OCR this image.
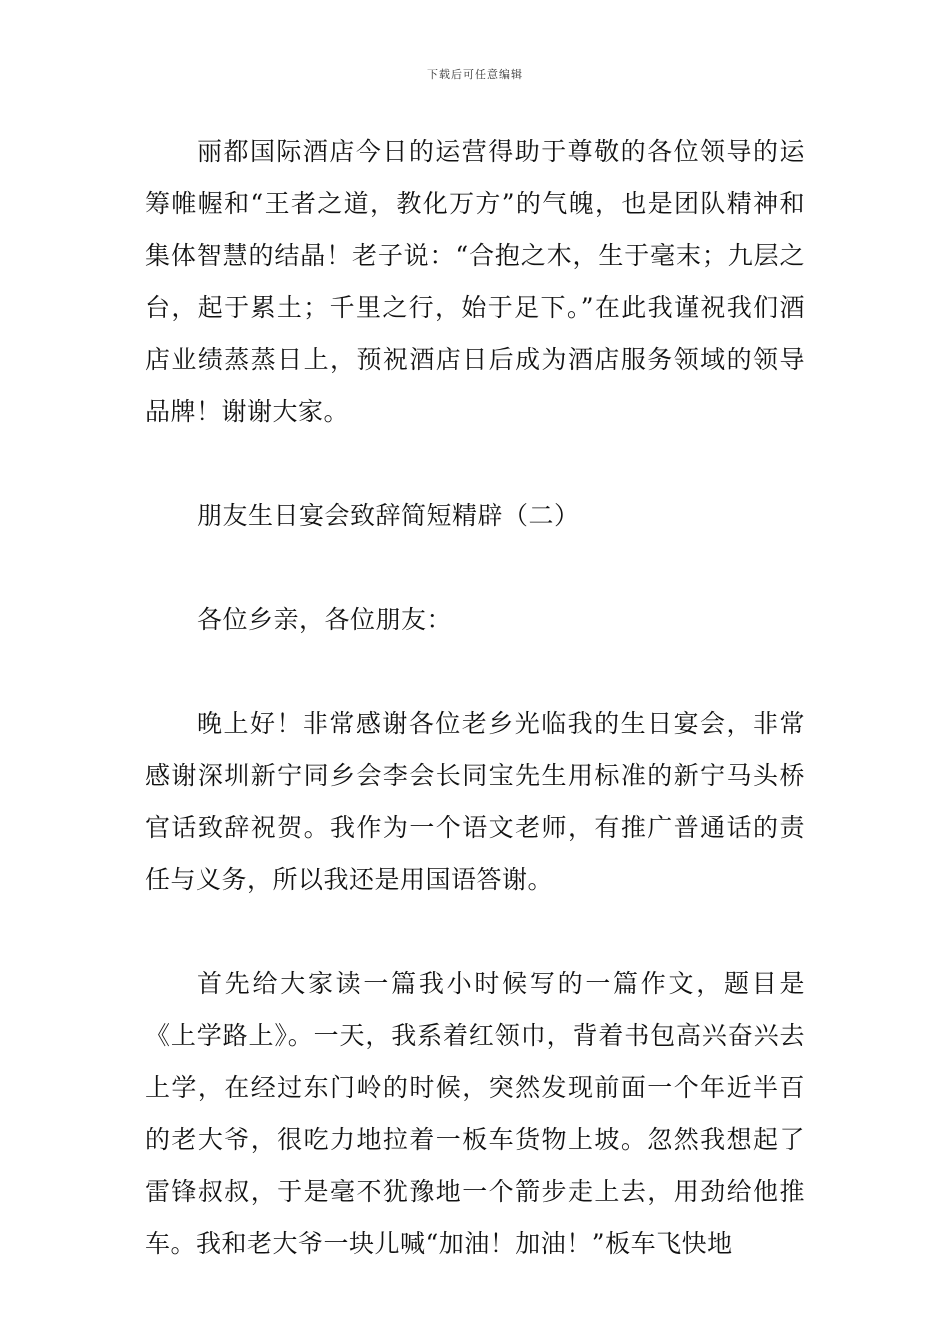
下载后可任意编辑

丽都国际酒店今日的运营得助于尊敬的各位领导的运筹帷幄和“王者之道，教化万方”的气魄，也是团队精神和集体智慧的结晶！老子说：“合抱之木，生于毫末；九层之台，起于累土；千里之行，始于足下。”在此我谨祝我们酒店业绩蒸蒸日上，预祝酒店日后成为酒店服务领域的领导品牌！谢谢大家。

朋友生日宴会致辞简短精辟（二）

各位乡亲，各位朋友：

晚上好！非常感谢各位老乡光临我的生日宴会，非常感谢深圳新宁同乡会李会长同宝先生用标准的新宁马头桥官话致辞祝贺。我作为一个语文老师，有推广普通话的责任与义务，所以我还是用国语答谢。

首先给大家读一篇我小时候写的一篇作文，题目是《上学路上》。一天，我系着红领巾，背着书包高兴奋兴去上学，在经过东门岭的时候，突然发现前面一个年近半百的老大爷，很吃力地拉着一板车货物上坡。忽然我想起了雷锋叔叔，于是毫不犹豫地一个箭步走上去，用劲给他推车。我和老大爷一块儿喊“加油！加油！”板车飞快地
